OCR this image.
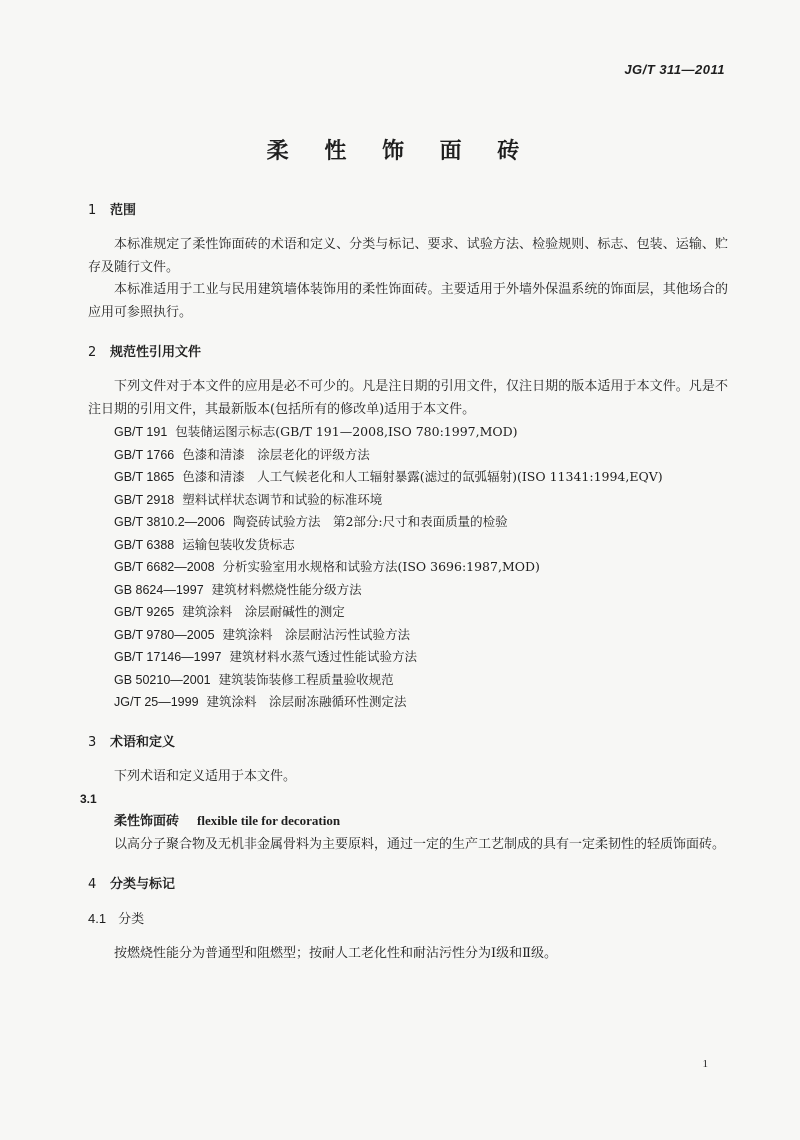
JG/T 311—2011
柔 性 饰 面 砖
1 范围

本标准规定了柔性饰面砖的术语和定义、分类与标记、要求、试验方法、检验规则、标志、包装、运输、贮存及随行文件。

本标准适用于工业与民用建筑墙体装饰用的柔性饰面砖。主要适用于外墙外保温系统的饰面层，其他场合的应用可参照执行。

2 规范性引用文件

下列文件对于本文件的应用是必不可少的。凡是注日期的引用文件，仅注日期的版本适用于本文件。凡是不注日期的引用文件，其最新版本(包括所有的修改单)适用于本文件。

GB/T 191 包装储运图示标志(GB/T 191—2008,ISO 780:1997,MOD)
GB/T 1766 色漆和清漆　涂层老化的评级方法
GB/T 1865 色漆和清漆　人工气候老化和人工辐射暴露(滤过的氙弧辐射)(ISO 11341:1994,EQV)
GB/T 2918 塑料试样状态调节和试验的标准环境
GB/T 3810.2—2006 陶瓷砖试验方法　第2部分:尺寸和表面质量的检验
GB/T 6388 运输包装收发货标志
GB/T 6682—2008 分析实验室用水规格和试验方法(ISO 3696:1987,MOD)
GB 8624—1997 建筑材料燃烧性能分级方法
GB/T 9265 建筑涂料　涂层耐碱性的测定
GB/T 9780—2005 建筑涂料　涂层耐沾污性试验方法
GB/T 17146—1997 建筑材料水蒸气透过性能试验方法
GB 50210—2001 建筑装饰装修工程质量验收规范
JG/T 25—1999 建筑涂料　涂层耐冻融循环性测定法
3 术语和定义

下列术语和定义适用于本文件。

3.1

柔性饰面砖 flexible tile for decoration

以高分子聚合物及无机非金属骨料为主要原料，通过一定的生产工艺制成的具有一定柔韧性的轻质饰面砖。

4 分类与标记

4.1 分类

按燃烧性能分为普通型和阻燃型；按耐人工老化性和耐沾污性分为Ⅰ级和Ⅱ级。

1
